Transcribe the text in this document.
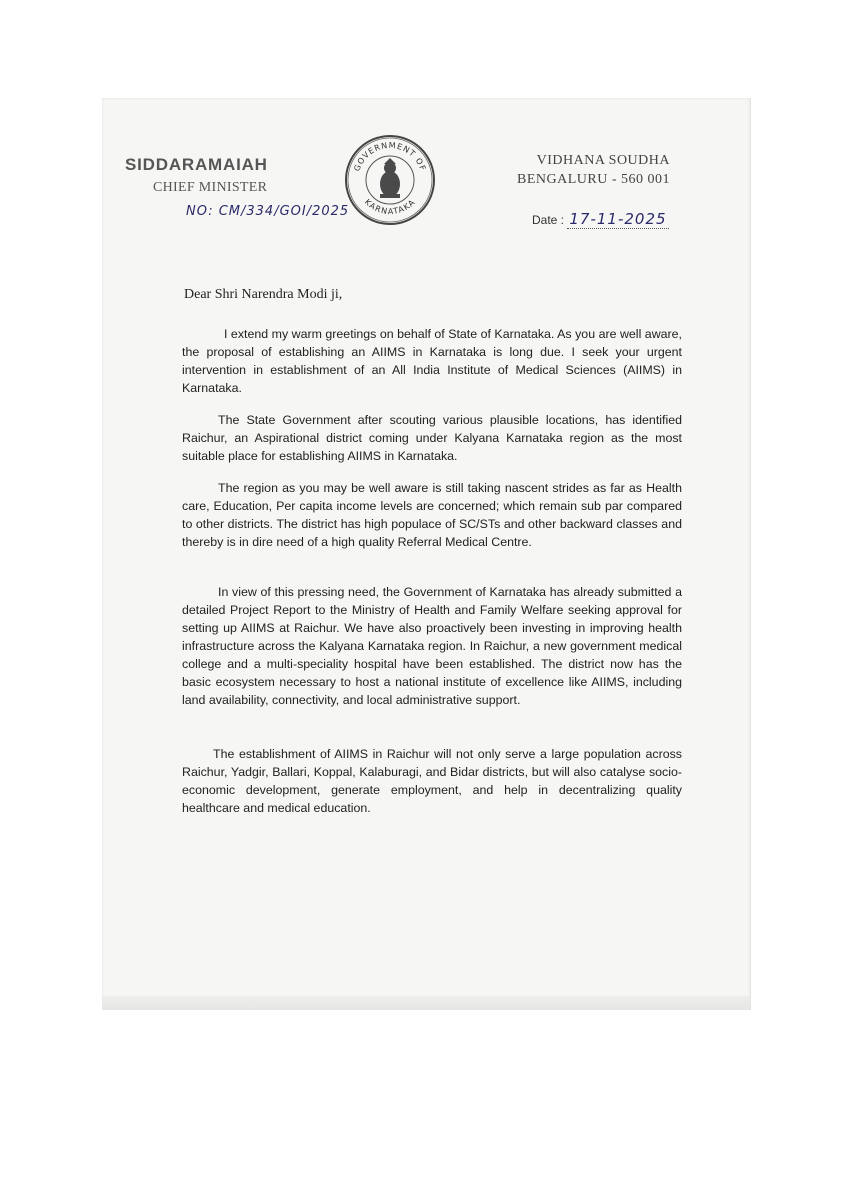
SIDDARAMAIAH
CHIEF MINISTER
NO: CM/334/GOI/2025
GOVERNMENT OF
KARNATAKA
VIDHANA SOUDHA
BENGALURU - 560 001
Date : 17-11-2025
Dear Shri Narendra Modi ji,

I extend my warm greetings on behalf of State of Karnataka. As you are well aware, the proposal of establishing an AIIMS in Karnataka is long due. I seek your urgent intervention in establishment of an All India Institute of Medical Sciences (AIIMS) in Karnataka.

The State Government after scouting various plausible locations, has identified Raichur, an Aspirational district coming under Kalyana Karnataka region as the most suitable place for establishing AIIMS in Karnataka.

The region as you may be well aware is still taking nascent strides as far as Health care, Education, Per capita income levels are concerned; which remain sub par compared to other districts. The district has high populace of SC/STs and other backward classes and thereby is in dire need of a high quality Referral Medical Centre.

In view of this pressing need, the Government of Karnataka has already submitted a detailed Project Report to the Ministry of Health and Family Welfare seeking approval for setting up AIIMS at Raichur. We have also proactively been investing in improving health infrastructure across the Kalyana Karnataka region. In Raichur, a new government medical college and a multi-speciality hospital have been established. The district now has the basic ecosystem necessary to host a national institute of excellence like AIIMS, including land availability, connectivity, and local administrative support.

The establishment of AIIMS in Raichur will not only serve a large population across Raichur, Yadgir, Ballari, Koppal, Kalaburagi, and Bidar districts, but will also catalyse socio-economic development, generate employment, and help in decentralizing quality healthcare and medical education.
